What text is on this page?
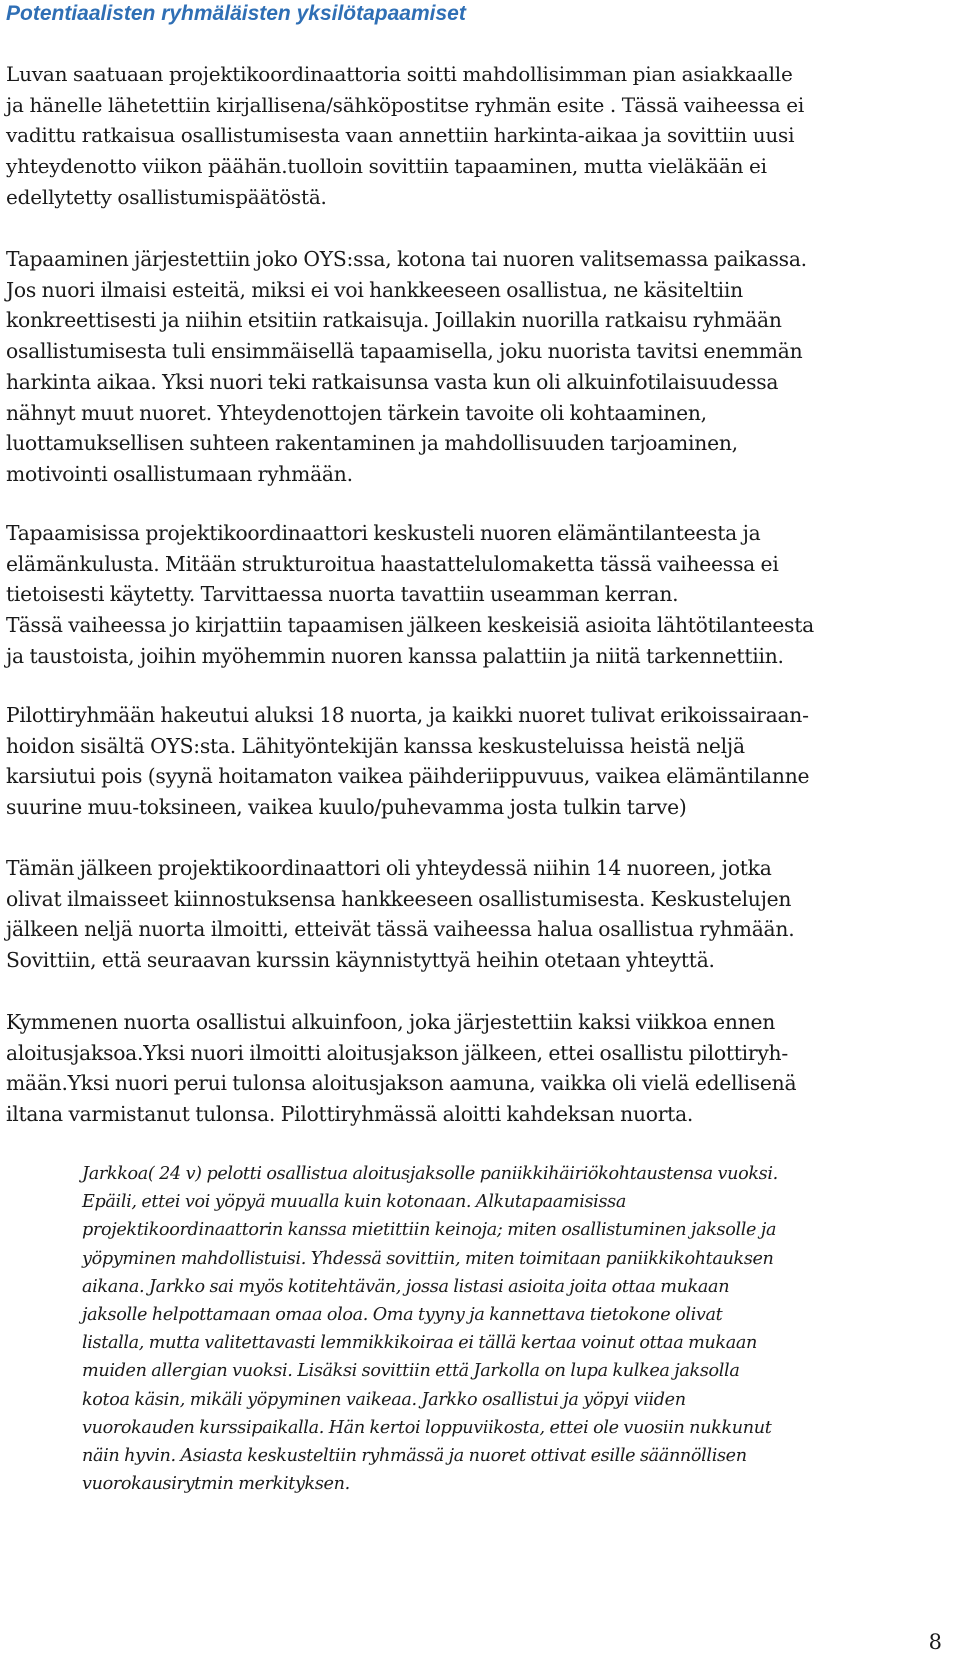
Potentiaalisten ryhmäläisten yksilötapaamiset

Luvan saatuaan projektikoordinaattoria soitti mahdollisimman pian asiakkaalle
ja hänelle lähetettiin kirjallisena/sähköpostitse ryhmän esite . Tässä vaiheessa ei
vadittu ratkaisua osallistumisesta vaan annettiin harkinta-aikaa ja sovittiin uusi
yhteydenotto viikon päähän.tuolloin sovittiin tapaaminen, mutta vieläkään ei
edellytetty osallistumispäätöstä.

Tapaaminen järjestettiin joko OYS:ssa, kotona tai nuoren valitsemassa paikassa.
Jos nuori ilmaisi esteitä, miksi ei voi hankkeeseen osallistua, ne käsiteltiin
konkreettisesti ja niihin etsitiin ratkaisuja. Joillakin nuorilla ratkaisu ryhmään
osallistumisesta tuli ensimmäisellä tapaamisella, joku nuorista tavitsi enemmän
harkinta aikaa. Yksi nuori teki ratkaisunsa vasta kun oli alkuinfotilaisuudessa
nähnyt muut nuoret. Yhteydenottojen tärkein tavoite oli kohtaaminen,
luottamuksellisen suhteen rakentaminen ja mahdollisuuden tarjoaminen,
motivointi osallistumaan ryhmään.

Tapaamisissa projektikoordinaattori keskusteli nuoren elämäntilanteesta ja
elämänkulusta. Mitään strukturoitua haastattelulomaketta tässä vaiheessa ei
tietoisesti käytetty. Tarvittaessa nuorta tavattiin useamman kerran.
Tässä vaiheessa jo kirjattiin tapaamisen jälkeen keskeisiä asioita lähtötilanteesta
ja taustoista, joihin myöhemmin nuoren kanssa palattiin ja niitä tarkennettiin.

Pilottiryhmään hakeutui aluksi 18 nuorta, ja kaikki nuoret tulivat erikoissairaan-
hoidon sisältä OYS:sta. Lähityöntekijän kanssa keskusteluissa heistä neljä
karsiutui pois (syynä hoitamaton vaikea päihderiippuvuus, vaikea elämäntilanne
suurine muu-toksineen, vaikea kuulo/puhevamma josta tulkin tarve)

Tämän jälkeen projektikoordinaattori oli yhteydessä niihin 14 nuoreen, jotka
olivat ilmaisseet kiinnostuksensa hankkeeseen osallistumisesta. Keskustelujen
jälkeen neljä nuorta ilmoitti, etteivät tässä vaiheessa halua osallistua ryhmään.
Sovittiin, että seuraavan kurssin käynnistyttyä heihin otetaan yhteyttä.

Kymmenen nuorta osallistui alkuinfoon, joka järjestettiin kaksi viikkoa ennen
aloitusjaksoa.Yksi nuori ilmoitti aloitusjakson jälkeen, ettei osallistu pilottiryh-
mään.Yksi nuori perui tulonsa aloitusjakson aamuna, vaikka oli vielä edellisenä
iltana varmistanut tulonsa. Pilottiryhmässä aloitti kahdeksan nuorta.

Jarkkoa( 24 v) pelotti osallistua aloitusjaksolle paniikkihäiriökohtaustensa vuoksi.
Epäili, ettei voi yöpyä muualla kuin kotonaan. Alkutapaamisissa
projektikoordinaattorin kanssa mietittiin keinoja; miten osallistuminen jaksolle ja
yöpyminen mahdollistuisi. Yhdessä sovittiin, miten toimitaan paniikkikohtauksen
aikana. Jarkko sai myös kotitehtävän, jossa listasi asioita joita ottaa mukaan
jaksolle helpottamaan omaa oloa. Oma tyyny ja kannettava tietokone olivat
listalla, mutta valitettavasti lemmikkikoiraa ei tällä kertaa voinut ottaa mukaan
muiden allergian vuoksi. Lisäksi sovittiin että Jarkolla on lupa kulkea jaksolla
kotoa käsin, mikäli yöpyminen vaikeaa. Jarkko osallistui ja yöpyi viiden
vuorokauden kurssipaikalla. Hän kertoi loppuviikosta, ettei ole vuosiin nukkunut
näin hyvin. Asiasta keskusteltiin ryhmässä ja nuoret ottivat esille säännöllisen
vuorokausirytmin merkityksen.

8
